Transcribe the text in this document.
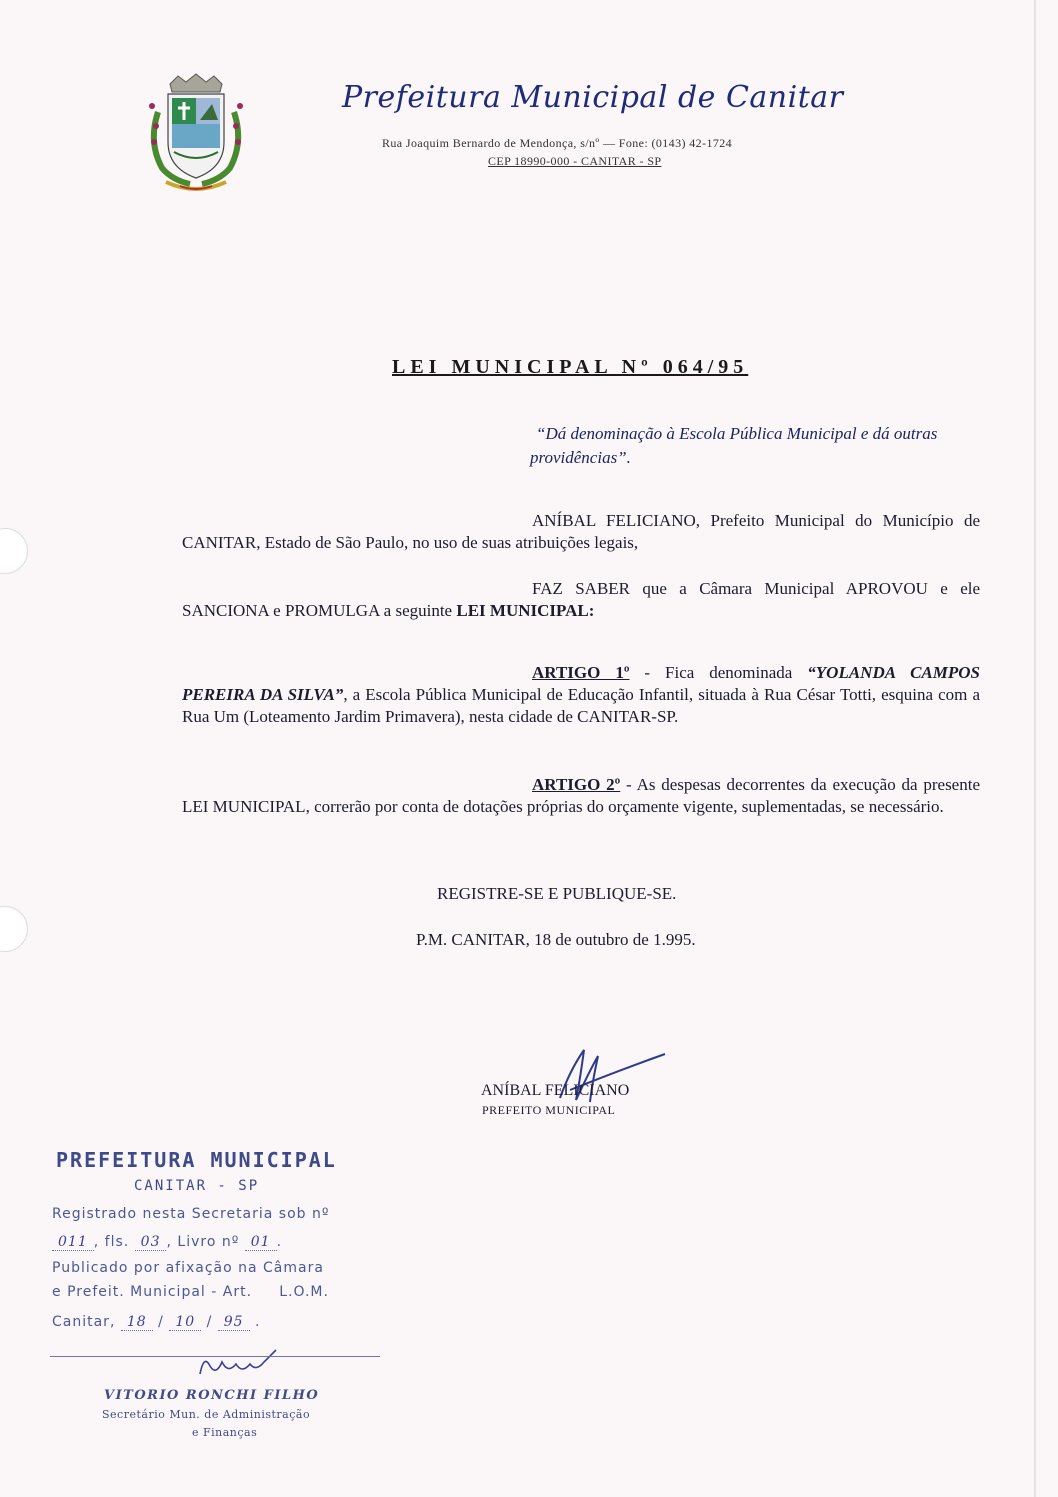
Prefeitura Municipal de Canitar
Rua Joaquim Bernardo de Mendonça, s/nº — Fone: (0143) 42-1724
CEP 18990-000 - CANITAR - SP
LEI MUNICIPAL Nº 064/95
“Dá denominação à Escola Pública Municipal e dá outras providências”.
ANÍBAL FELICIANO, Prefeito Municipal do Município de CANITAR, Estado de São Paulo, no uso de suas atribuições legais,
FAZ SABER que a Câmara Municipal APROVOU e ele SANCIONA e PROMULGA a seguinte LEI MUNICIPAL:
ARTIGO 1º - Fica denominada “YOLANDA CAMPOS PEREIRA DA SILVA”, a Escola Pública Municipal de Educação Infantil, situada à Rua César Totti, esquina com a Rua Um (Loteamento Jardim Primavera), nesta cidade de CANITAR-SP.
ARTIGO 2º - As despesas decorrentes da execução da presente LEI MUNICIPAL, correrão por conta de dotações próprias do orçamente vigente, suplementadas, se necessário.
REGISTRE-SE E PUBLIQUE-SE.
P.M. CANITAR, 18 de outubro de 1.995.
ANÍBAL FELICIANO
PREFEITO MUNICIPAL
PREFEITURA MUNICIPAL
CANITAR - SP
Registrado nesta Secretaria sob nº
011 , fls. 03 , Livro nº 01 .
Publicado por afixação na Câmara
e Prefeit. Municipal - Art.     L.O.M.
Canitar, 18 / 10 / 95 .
VITORIO RONCHI FILHO
Secretário Mun. de Administração
e Finanças
